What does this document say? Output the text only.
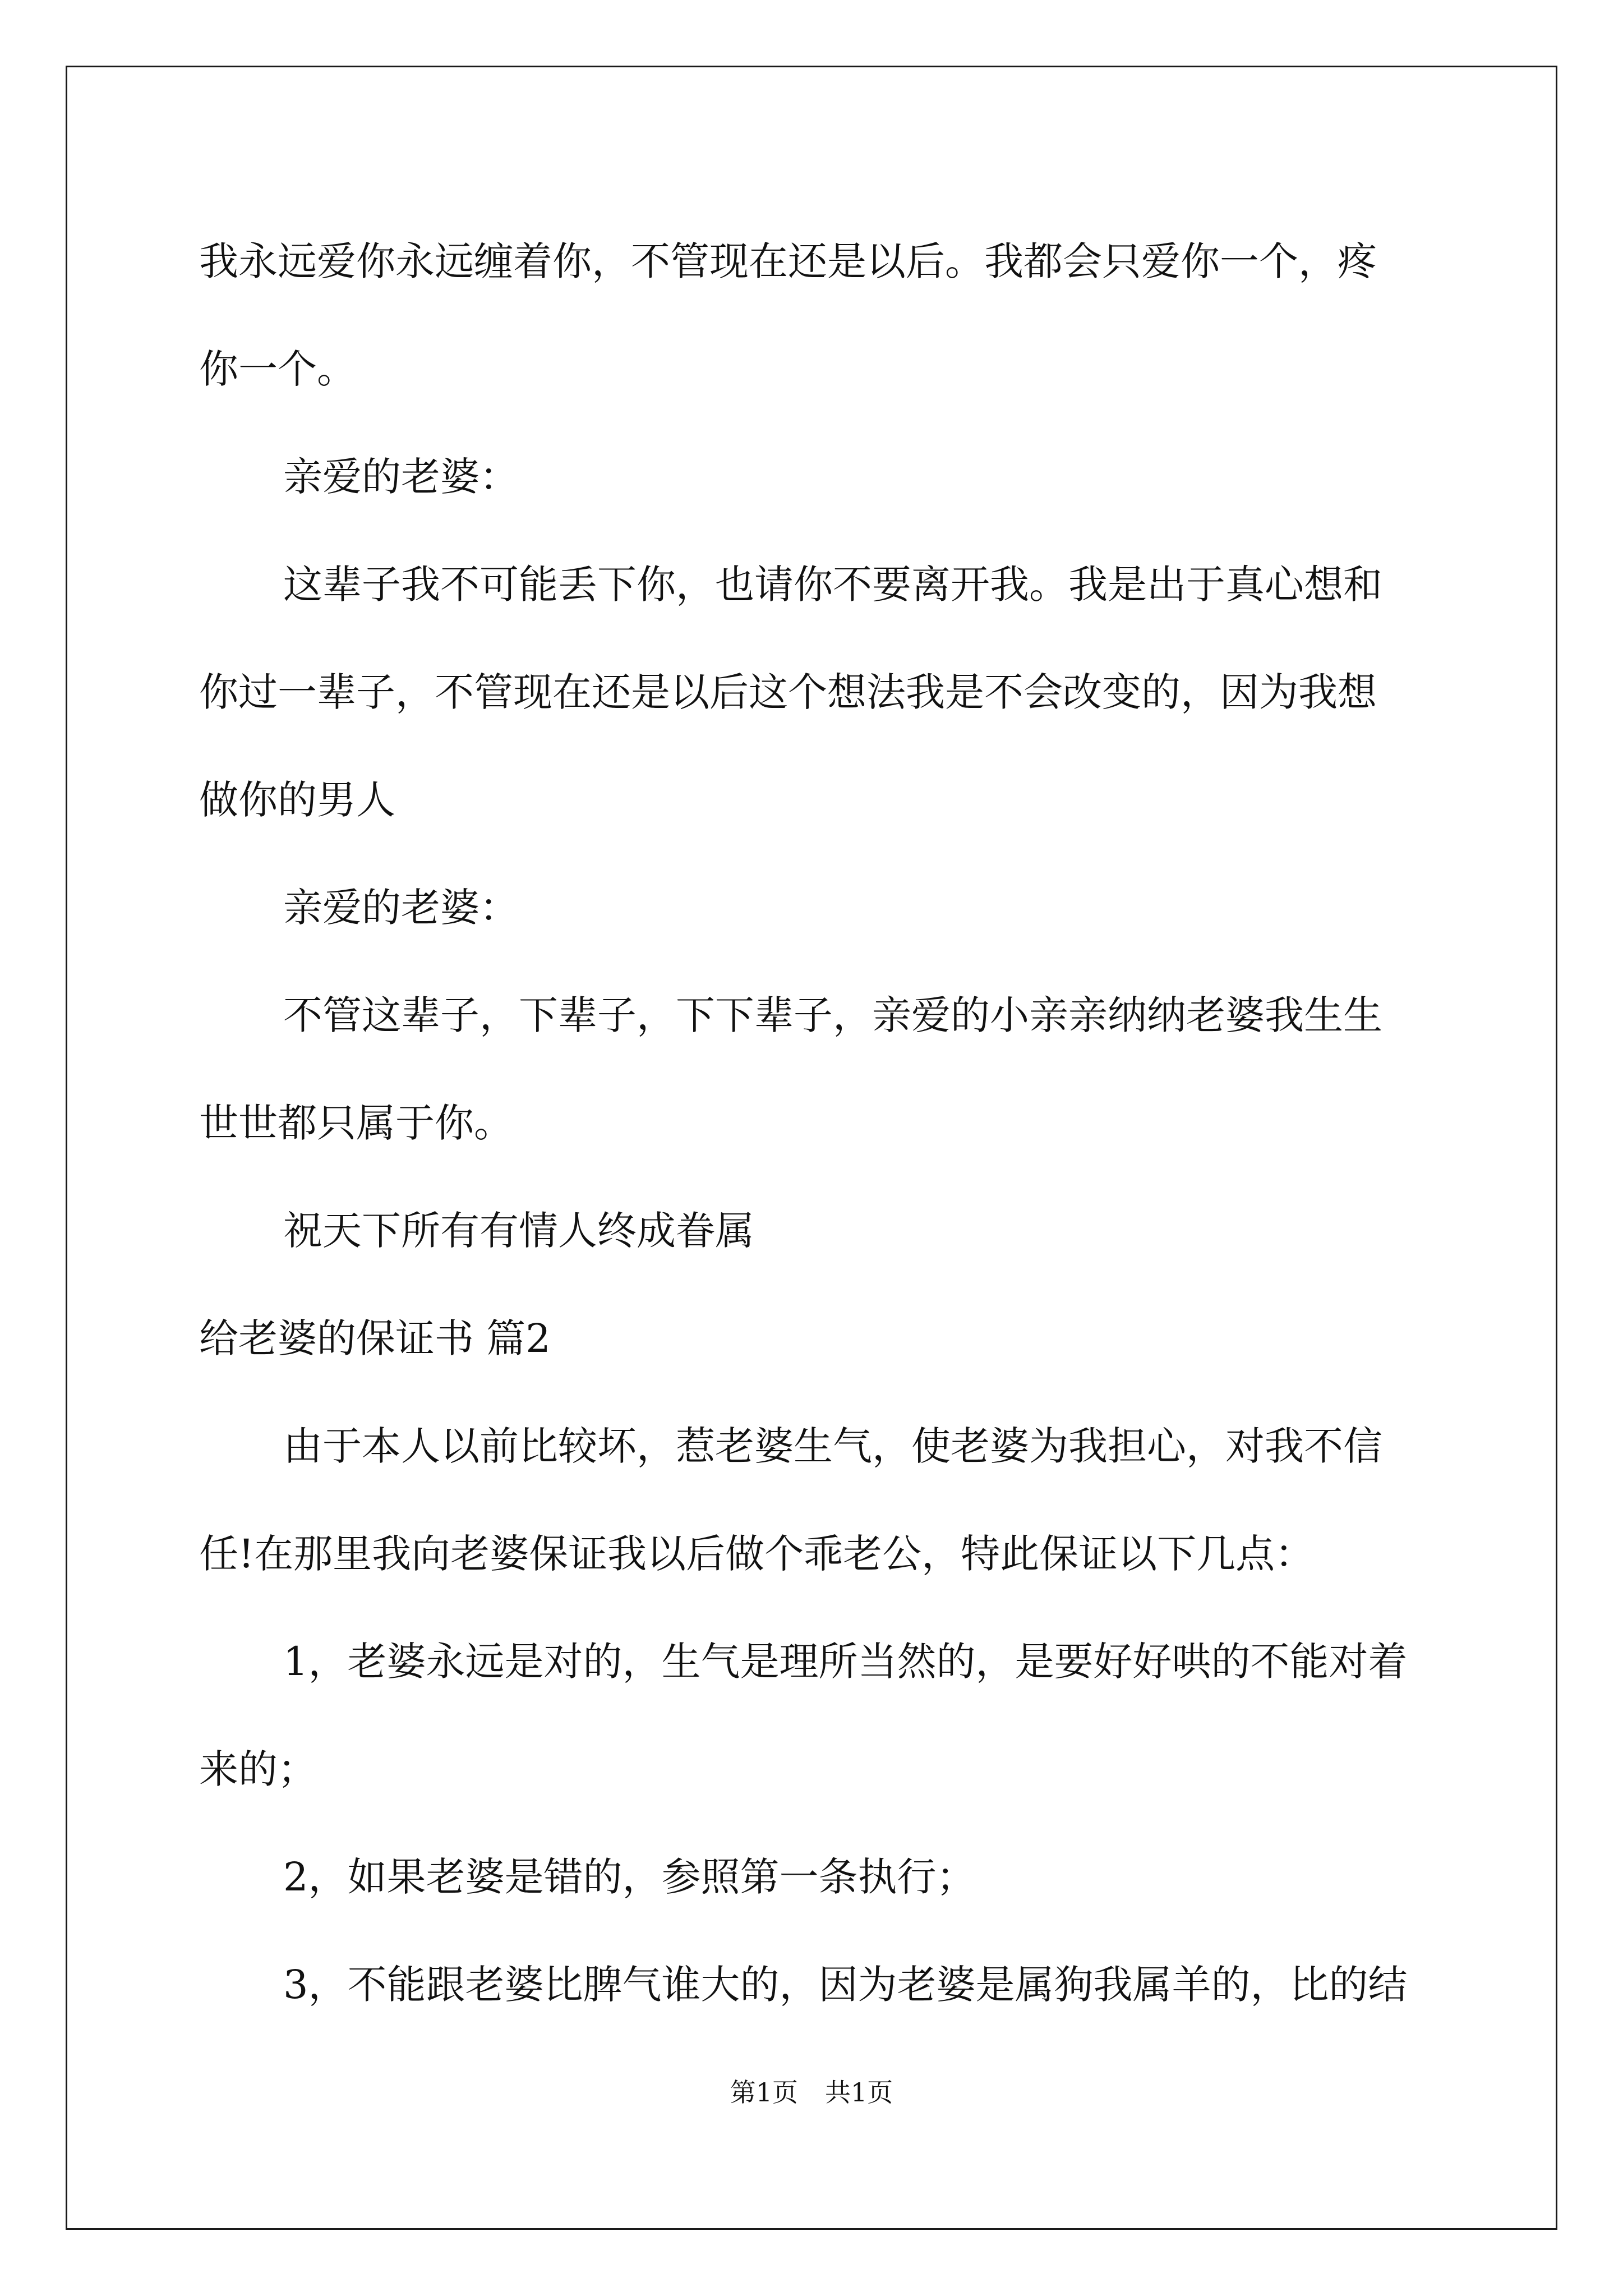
我永远爱你永远缠着你，不管现在还是以后。我都会只爱你一个，疼
你一个。
亲爱的老婆：
这辈子我不可能丢下你，也请你不要离开我。我是出于真心想和
你过一辈子，不管现在还是以后这个想法我是不会改变的，因为我想
做你的男人
亲爱的老婆：
不管这辈子，下辈子，下下辈子，亲爱的小亲亲纳纳老婆我生生
世世都只属于你。
祝天下所有有情人终成眷属
给老婆的保证书 篇2
由于本人以前比较坏，惹老婆生气，使老婆为我担心，对我不信
任!在那里我向老婆保证我以后做个乖老公，特此保证以下几点：
1，老婆永远是对的，生气是理所当然的，是要好好哄的不能对着
来的；
2，如果老婆是错的，参照第一条执行；
3，不能跟老婆比脾气谁大的，因为老婆是属狗我属羊的，比的结
第1页 共1页
